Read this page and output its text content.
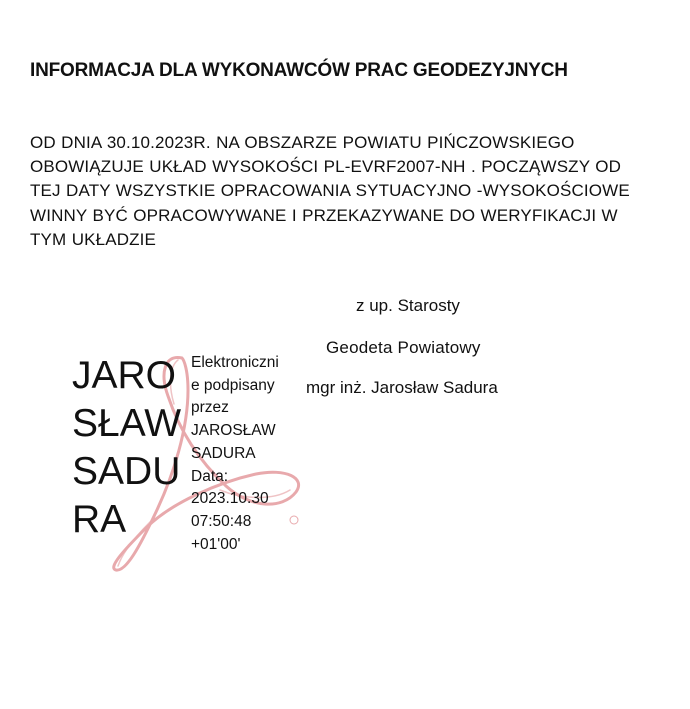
INFORMACJA DLA WYKONAWCÓW PRAC GEODEZYJNYCH
OD DNIA 30.10.2023R. NA OBSZARZE POWIATU PIŃCZOWSKIEGO
OBOWIĄZUJE UKŁAD WYSOKOŚCI PL-EVRF2007-NH . POCZĄWSZY OD
TEJ DATY WSZYSTKIE OPRACOWANIA SYTUACYJNO -WYSOKOŚCIOWE
WINNY BYĆ OPRACOWYWANE I PRZEKAZYWANE DO WERYFIKACJI W
TYM UKŁADZIE
z up. Starosty
Geodeta Powiatowy
mgr inż. Jarosław Sadura
JARO
SŁAW
SADU
RA
Elektroniczni
e podpisany
przez
JAROSŁAW
SADURA
Data:
2023.10.30
07:50:48
+01'00'
